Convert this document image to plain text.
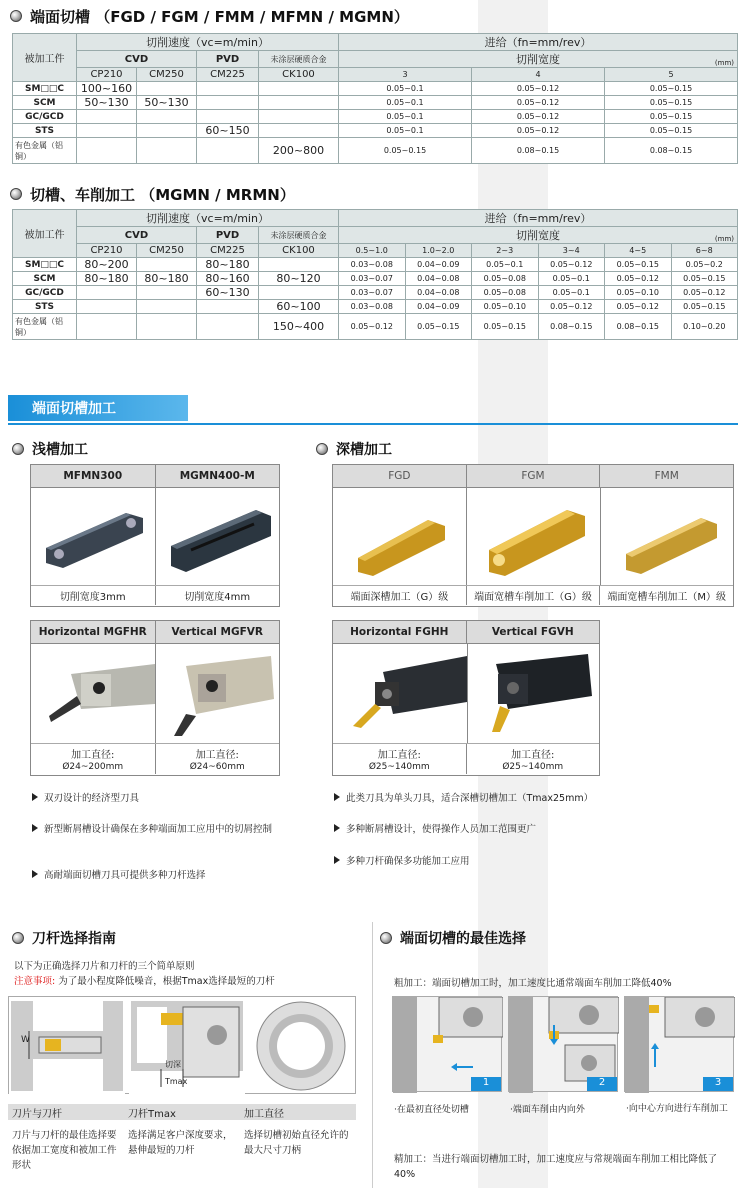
端面切槽 （FGD / FGM / FMM / MFMN / MGMN）
被加工件	切削速度（vc=m/min）				进给（fn=mm/rev）		
	CVD		PVD	未涂层硬质合金	切削宽度 (mm)		

	CP210	CM250	CM225	CK100	3	4	5
SM□□C	100~160				0.05~0.1	0.05~0.12	0.05~0.15
SCM	50~130	50~130			0.05~0.1	0.05~0.12	0.05~0.15
GC/GCD					0.05~0.1	0.05~0.12	0.05~0.15
STS			60~150		0.05~0.1	0.05~0.12	0.05~0.15
有色金属（铝铜）				200~800	0.05~0.15	0.08~0.15	0.08~0.15
切槽、车削加工 （MGMN / MRMN）
被加工件	切削速度（vc=m/min）				进给（fn=mm/rev）					
	CVD		PVD	未涂层硬质合金	切削宽度 (mm)					

	CP210	CM250	CM225	CK100	0.5~1.0	1.0~2.0	2~3	3~4	4~5	6~8
SM□□C	80~200		80~180		0.03~0.08	0.04~0.09	0.05~0.1	0.05~0.12	0.05~0.15	0.05~0.2
SCM	80~180	80~180	80~160	80~120	0.03~0.07	0.04~0.08	0.05~0.08	0.05~0.1	0.05~0.12	0.05~0.15
GC/GCD			60~130		0.03~0.07	0.04~0.08	0.05~0.08	0.05~0.1	0.05~0.10	0.05~0.12
STS				60~100	0.03~0.08	0.04~0.09	0.05~0.10	0.05~0.12	0.05~0.12	0.05~0.15
有色金属（铝铜）				150~400	0.05~0.12	0.05~0.15	0.05~0.15	0.08~0.15	0.08~0.15	0.10~0.20
端面切槽加工
浅槽加工	深槽加工
MFMN300	MGMN400-M
切削宽度3mm	切削宽度4mm
Horizontal MGFHR	Vertical MGFVR
加工直径:
Ø24~200mm
加工直径:
Ø24~60mm
FGD	FGM	FMM
端面深槽加工（G）级	端面宽槽车削加工（G）级	端面宽槽车削加工（M）级
Horizontal FGHH	Vertical FGVH
加工直径:
Ø25~140mm
加工直径:
Ø25~140mm
双刃设计的经济型刀具
新型断屑槽设计确保在多种端面加工应用中的切屑控制
高耐端面切槽刀具可提供多种刀杆选择
此类刀具为单头刀具，适合深槽切槽加工（Tmax25mm）
多种断屑槽设计，使得操作人员加工范围更广
多种刀杆确保多功能加工应用
刀杆选择指南
以下为正确选择刀片和刀杆的三个简单原则
注意事项: 为了最小程度降低噪音，根据Tmax选择最短的刀杆
W
切深
Tmax
刀片与刀杆	刀杆Tmax	加工直径
刀片与刀杆的最佳选择要依据加工宽度和被加工件形状
选择满足客户深度要求，悬伸最短的刀杆
选择切槽初始直径允许的最大尺寸刀柄
端面切槽的最佳选择
粗加工：端面切槽加工时，加工速度比通常端面车削加工降低40%
1	2	3
·在最初直径处切槽	·端面车削由内向外	·向中心方向进行车削加工
精加工：当进行端面切槽加工时，加工速度应与常规端面车削加工相比降低了40%
